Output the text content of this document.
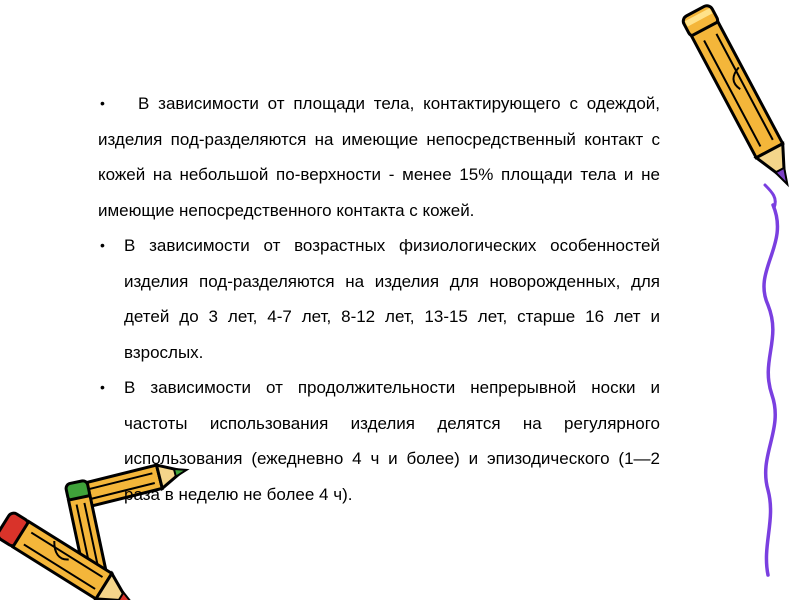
•	В зависимости от площади тела, контактирующего с одеждой, изделия под-разделяются на имеющие непосредственный контакт с кожей на небольшой по-верхности - менее 15% площади тела и не имеющие непосредственного контакта с кожей.

• В зависимости от возрастных физиологических особенностей изделия под-разделяются на изделия для новорожденных, для детей до 3 лет, 4-7 лет, 8-12 лет, 13-15 лет, старше 16 лет и взрослых.

• В зависимости от продолжительности непрерывной носки и частоты использования изделия делятся на регулярного использования (ежедневно 4 ч и более) и эпизодического (1—2 раза в неделю не более 4 ч).
